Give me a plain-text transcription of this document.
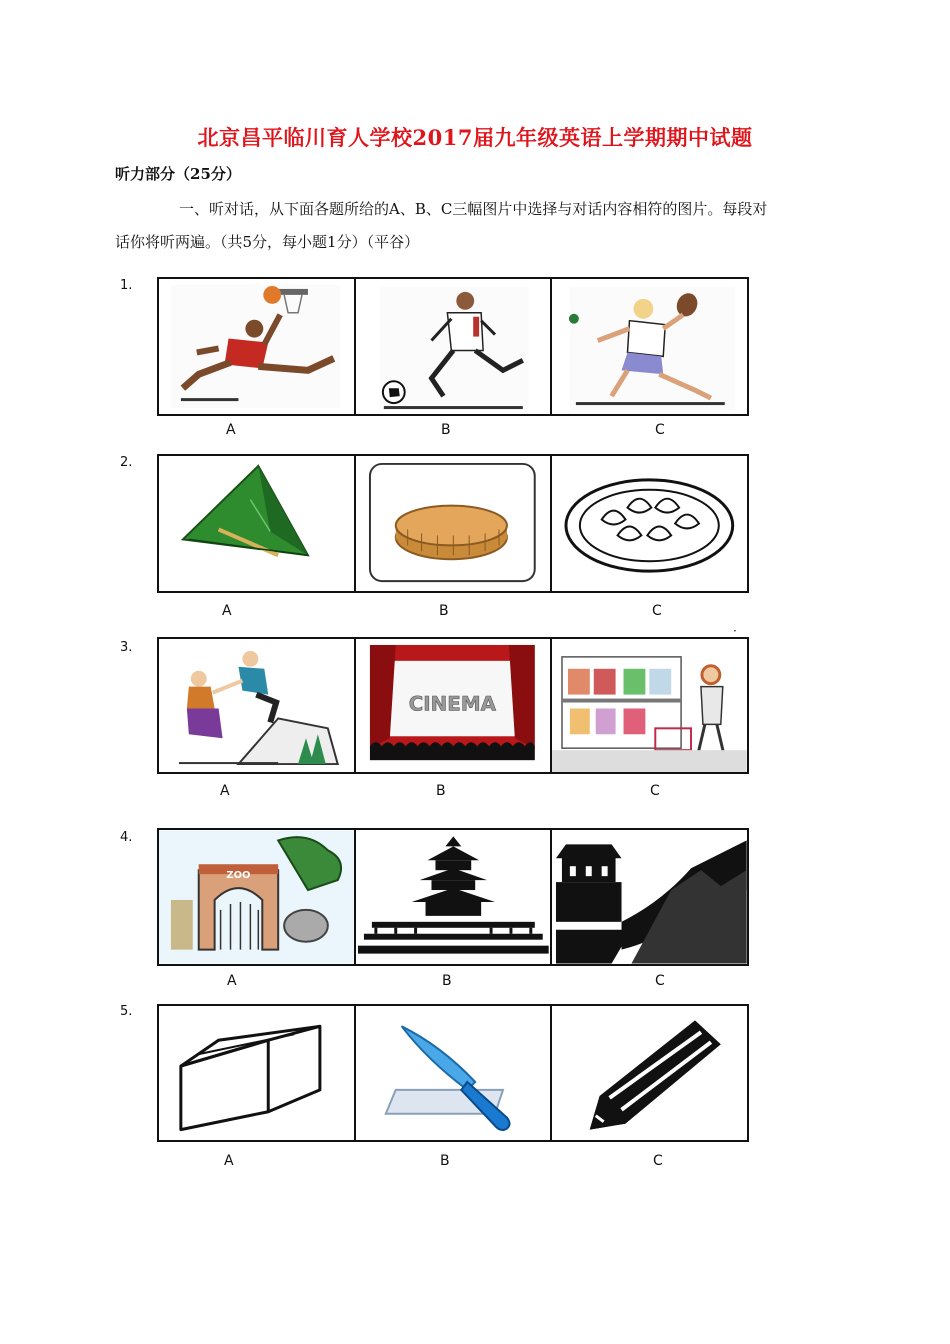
北京昌平临川育人学校2017届九年级英语上学期期中试题
听力部分（25分）
一、听对话，从下面各题所给的A、B、C三幅图片中选择与对话内容相符的图片。每段对话你将听两遍。（共5分，每小题1分）（平谷）
1.
A	B	C
2.
A	B	C
3.
CINEMA
·
A	B	C
4.
ZOO
A	B	C
5.
A	B	C
